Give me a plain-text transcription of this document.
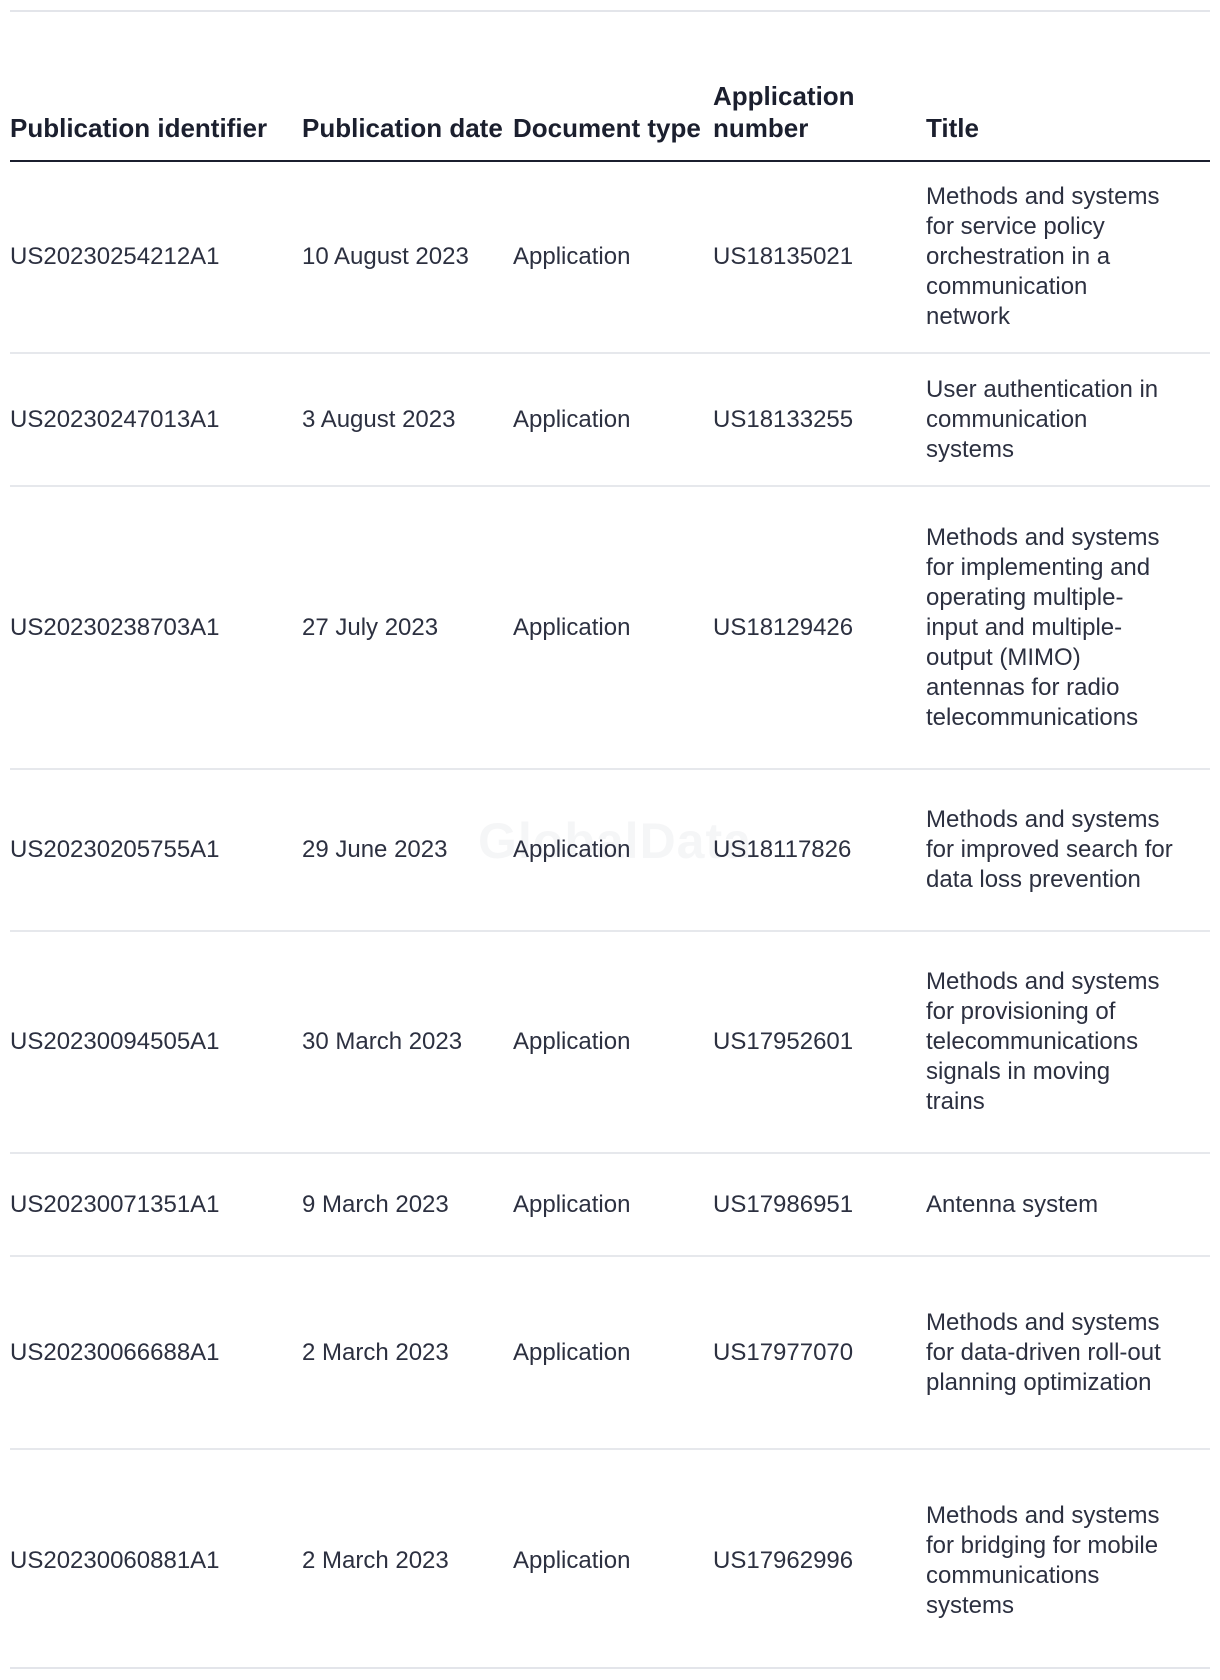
Publication identifier	Publication date	Document type	Application number	Title
US20230254212A1	10 August 2023	Application	US18135021	Methods and systems for service policy orchestration in a communication network
US20230247013A1	3 August 2023	Application	US18133255	User authentication in communication systems
US20230238703A1	27 July 2023	Application	US18129426	Methods and systems for implementing and operating multiple-input and multiple-output (MIMO) antennas for radio telecommunications
US20230205755A1	29 June 2023	Application	US18117826	Methods and systems for improved search for data loss prevention
US20230094505A1	30 March 2023	Application	US17952601	Methods and systems for provisioning of telecommunications signals in moving trains
US20230071351A1	9 March 2023	Application	US17986951	Antenna system
US20230066688A1	2 March 2023	Application	US17977070	Methods and systems for data-driven roll-out planning optimization
US20230060881A1	2 March 2023	Application	US17962996	Methods and systems for bridging for mobile communications systems
